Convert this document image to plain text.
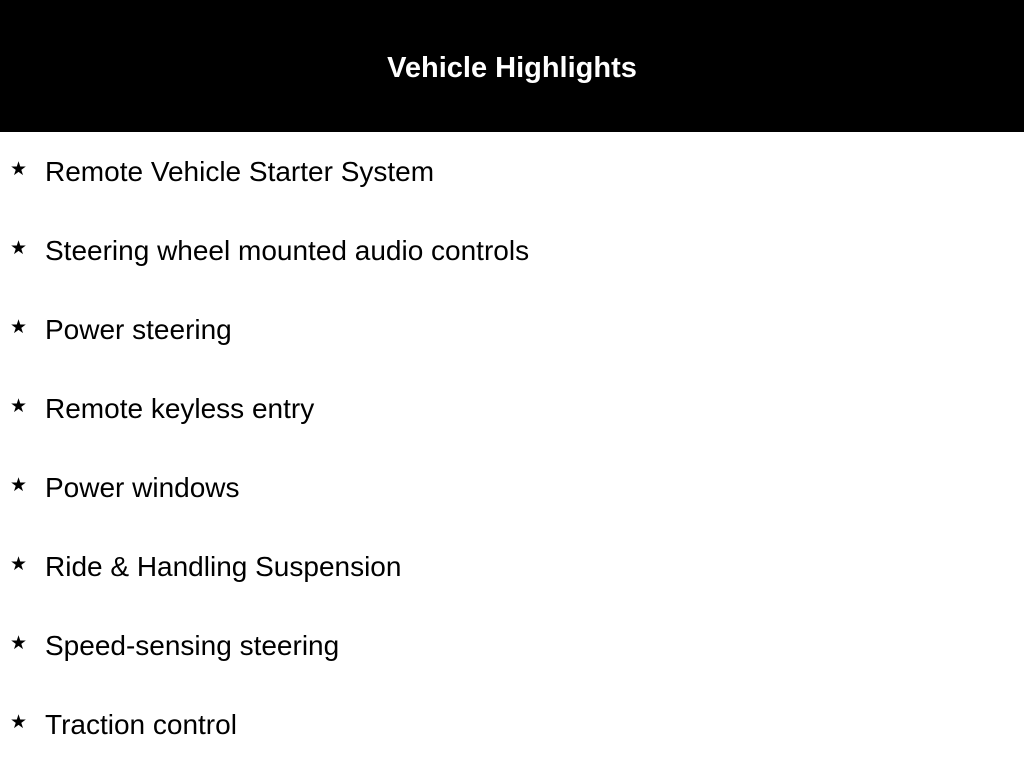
Vehicle Highlights
★ Remote Vehicle Starter System
★ Steering wheel mounted audio controls
★ Power steering
★ Remote keyless entry
★ Power windows
★ Ride & Handling Suspension
★ Speed-sensing steering
★ Traction control
